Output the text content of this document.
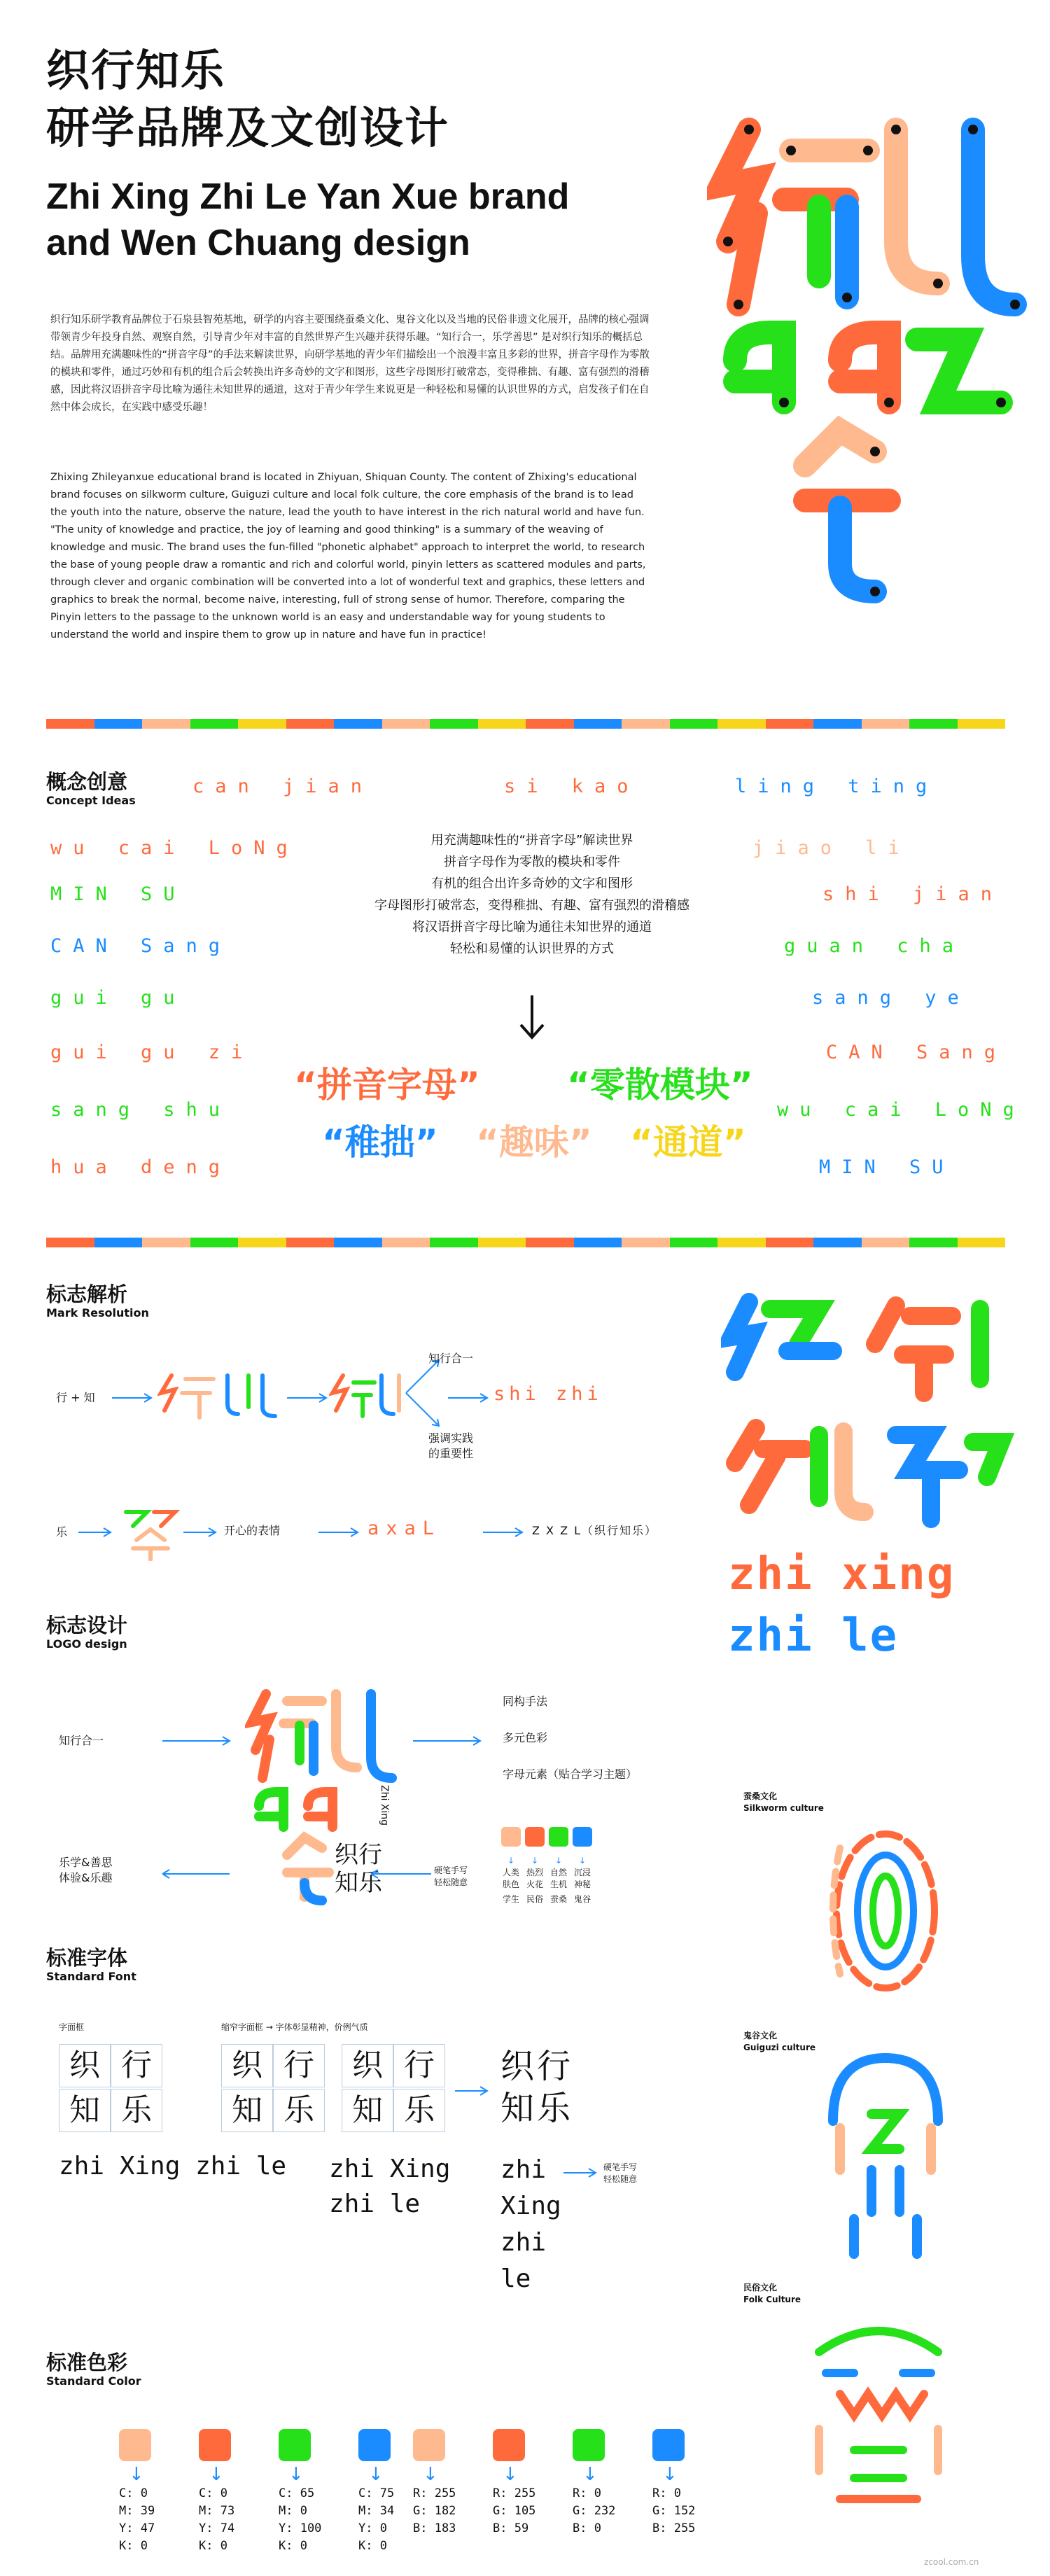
织行知乐
研学品牌及文创设计
Zhi Xing Zhi Le Yan Xue brand
and Wen Chuang design
织行知乐研学教育品牌位于石泉县智苑基地，研学的内容主要围绕蚕桑文化、鬼谷文化以及当地的民俗非遗文化展开，品牌的核心强调带领青少年投身自然、观察自然，引导青少年对丰富的自然世界产生兴趣并获得乐趣。“知行合一，乐学善思” 是对织行知乐的概括总结。品牌用充满趣味性的“拼音字母”的手法来解读世界，向研学基地的青少年们描绘出一个浪漫丰富且多彩的世界，拼音字母作为零散的模块和零件，通过巧妙和有机的组合后会转换出许多奇妙的文字和图形，这些字母图形打破常态，变得稚拙、有趣、富有强烈的滑稽感，因此将汉语拼音字母比喻为通往未知世界的通道，这对于青少年学生来说更是一种轻松和易懂的认识世界的方式，启发孩子们在自然中体会成长，在实践中感受乐趣！
Zhixing Zhileyanxue educational brand is located in Zhiyuan, Shiquan County. The content of Zhixing's educational brand focuses on silkworm culture, Guiguzi culture and local folk culture, the core emphasis of the brand is to lead the youth into the nature, observe the nature, lead the youth to have interest in the rich natural world and have fun. "The unity of knowledge and practice, the joy of learning and good thinking" is a summary of the weaving of knowledge and music. The brand uses the fun-filled "phonetic alphabet" approach to interpret the world, to research the base of young people draw a romantic and rich and colorful world, pinyin letters as scattered modules and parts, through clever and organic combination will be converted into a lot of wonderful text and graphics, these letters and graphics to break the normal, become naive, interesting, full of strong sense of humor. Therefore, comparing the Pinyin letters to the passage to the unknown world is an easy and understandable way for young students to understand the world and inspire them to grow up in nature and have fun in practice!
概念创意
Concept Ideas
can jian	si kao	ling ting
wu cai LoNg
MIN SU
CAN Sang
gui gu
gui gu zi
sang shu
hua deng
jiao li
shi jian
guan cha
sang ye
CAN Sang
wu cai LoNg
MIN SU
用充满趣味性的“拼音字母”解读世界
拼音字母作为零散的模块和零件
有机的组合出许多奇妙的文字和图形
字母图形打破常态，变得稚拙、有趣、富有强烈的滑稽感
将汉语拼音字母比喻为通往未知世界的通道
轻松和易懂的认识世界的方式
“拼音字母” “零散模块”
“稚拙” “趣味” “通道”
标志解析
Mark Resolution
行 + 知
知行合一
强调实践
的重要性
shi zhi
乐	开心的表情	axaL	Z X Z L（织行知乐）
标志设计
LOGO design
知行合一
乐学&善思
体验&乐趣
Zhi Xing
织行
知乐
同构手法
多元色彩
字母元素（贴合学习主题）
硬笔手写
轻松随意
↓
人类
肤色
学生
↓
热烈
火花
民俗
↓
自然
生机
蚕桑
↓
沉浸
神秘
鬼谷
标准字体
Standard Font
字面框	缩窄字面框 → 字体彰显精神，价例气质
织 行
知 乐
织 行
知 乐
织 行
知 乐
织行
知乐
zhi Xing zhi le zhi Xing
zhi le
zhi
Xing
zhi
le
硬笔手写
轻松随意
标准色彩
Standard Color
↓
C: 0
M: 39
Y: 47
K: 0
↓
C: 0
M: 73
Y: 74
K: 0
↓
C: 65
M: 0
Y: 100
K: 0
↓
C: 75
M: 34
Y: 0
K: 0
↓
R: 255
G: 182
B: 183
↓
R: 255
G: 105
B: 59
↓
R: 0
G: 232
B: 0
↓
R: 0
G: 152
B: 255
zhi xing
zhi le
蚕桑文化
Silkworm culture
鬼谷文化
Guiguzi culture
民俗文化
Folk Culture
zcool.com.cn
